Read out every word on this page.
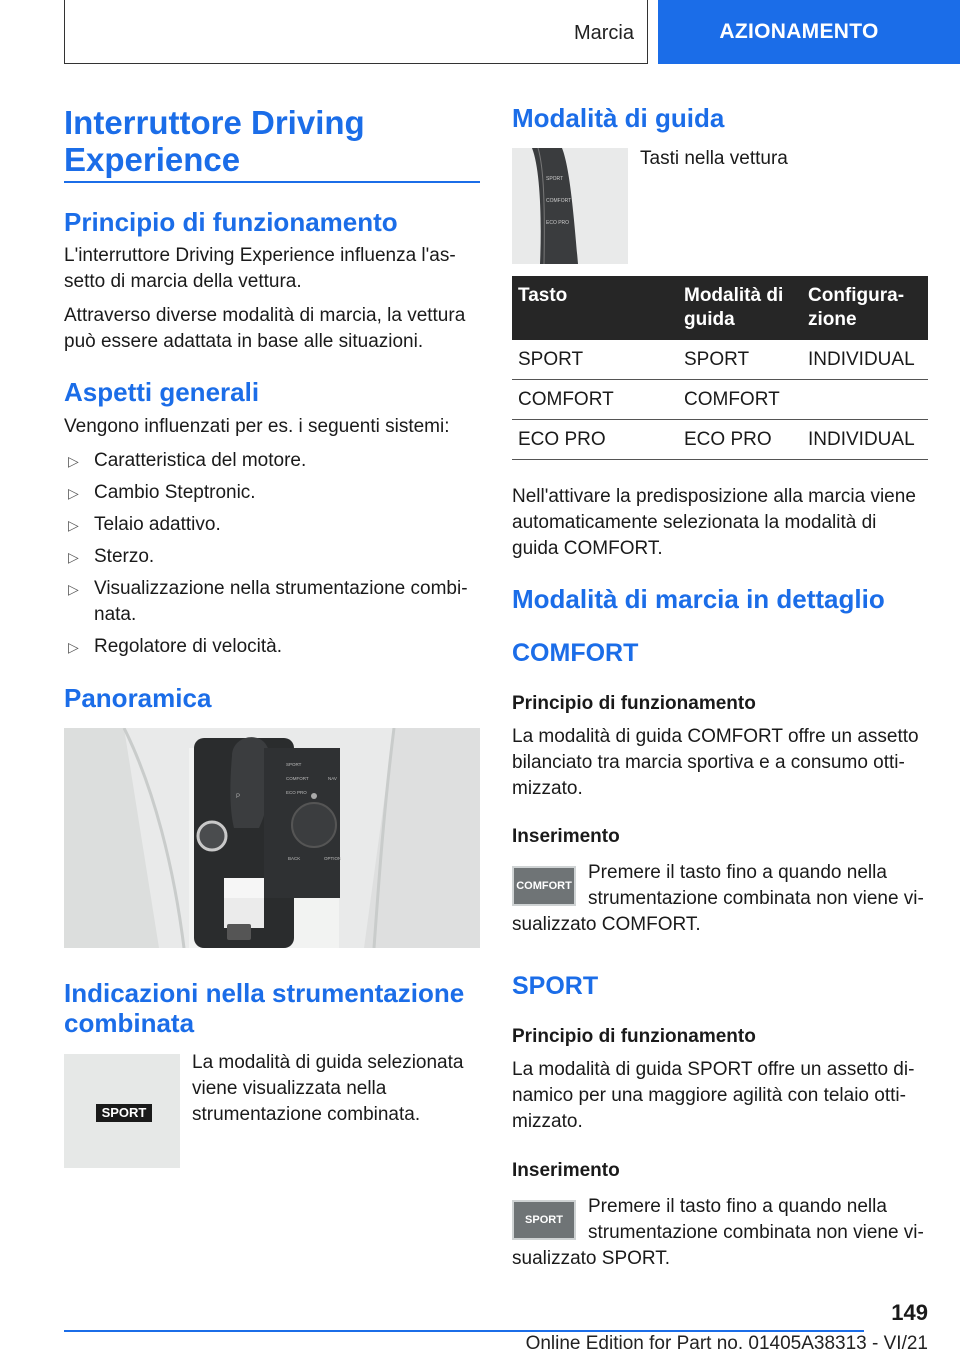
Marcia	AZIONAMENTO
Interruttore Driving Experience
Principio di funzionamento

L'interruttore Driving Experience influenza l'assetto di marcia della vettura.

Attraverso diverse modalità di marcia, la vettura può essere adattata in base alle situazioni.

Aspetti generali

Vengono influenzati per es. i seguenti sistemi:

▷ Caratteristica del motore.
▷ Cambio Steptronic.
▷ Telaio adattivo.
▷ Sterzo.
▷ Visualizzazione nella strumentazione combinata.
▷ Regolatore di velocità.
Panoramica
P
SPORT
COMFORT
ECO PRO
NAV
BACK	OPTION
Indicazioni nella strumentazione combinata
SPORT

La modalità di guida selezionata viene visualizzata nella strumentazione combinata.

Modalità di guida
SPORT
COMFORT
ECO PRO

Tasti nella vettura

Tasto	Modalità di guida	Configurazione
SPORT	SPORT	INDIVIDUAL
COMFORT	COMFORT	
ECO PRO	ECO PRO	INDIVIDUAL

Nell'attivare la predisposizione alla marcia viene automaticamente selezionata la modalità di guida COMFORT.

Modalità di marcia in dettaglio
COMFORT
Principio di funzionamento

La modalità di guida COMFORT offre un assetto bilanciato tra marcia sportiva e a consumo ottimizzato.

Inserimento
COMFORT
Premere il tasto fino a quando nella strumentazione combinata non viene visualizzato COMFORT.
SPORT
Principio di funzionamento

La modalità di guida SPORT offre un assetto dinamico per una maggiore agilità con telaio ottimizzato.

Inserimento
SPORT
Premere il tasto fino a quando nella strumentazione combinata non viene visualizzato SPORT.
149
Online Edition for Part no. 01405A38313 - VI/21
